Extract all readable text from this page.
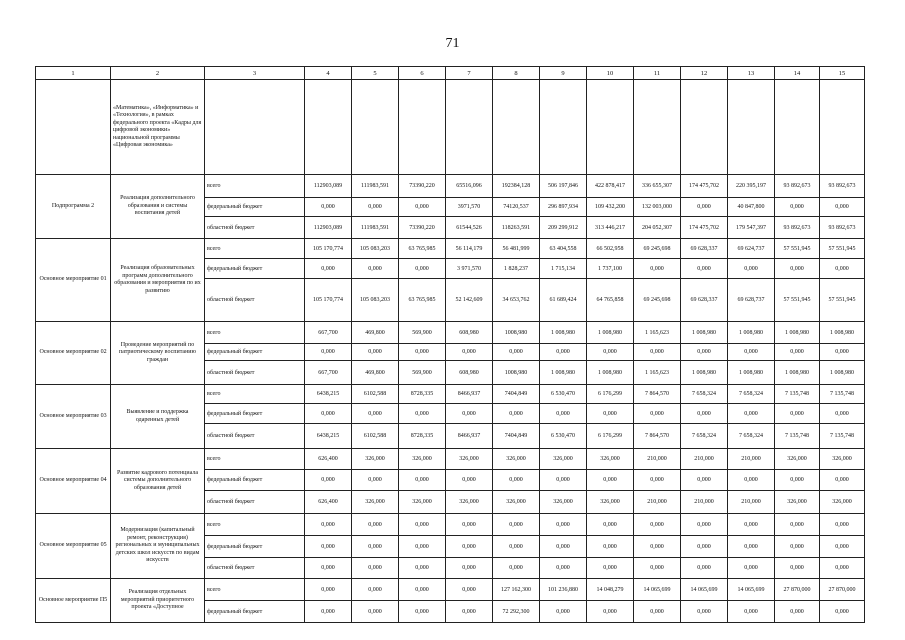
71
1	2	3	4	5	6	7	8	9	10	11	12	13	14	15
	«Математика», «Информатика» и «Технология», в рамках федерального проекта «Кадры для цифровой экономики» национальной программы «Цифровая экономика»													
Подпрограмма 2	Реализация дополнительного образования и системы воспитания детей	всего	112903,089	111983,591	73390,220	65516,096	192384,128	506 197,846	422 878,417	336 655,307	174 475,702	220 395,197	93 892,673	93 892,673
		федеральный бюджет	0,000	0,000	0,000	3971,570	74120,537	296 897,934	109 432,200	132 003,000	0,000	40 847,800	0,000	0,000
		областной бюджет	112903,089	111983,591	73390,220	61544,526	118263,591	209 299,912	313 446,217	204 052,307	174 475,702	179 547,397	93 892,673	93 892,673
Основное мероприятие 01	Реализация образовательных программ дополнительного образования и мероприятия по их развитию	всего	105 170,774	105 083,203	63 765,985	56 114,179	56 481,999	63 404,558	66 502,958	69 245,698	69 628,337	69 624,737	57 551,945	57 551,945
		федеральный бюджет	0,000	0,000	0,000	3 971,570	1 828,237	1 715,134	1 737,100	0,000	0,000	0,000	0,000	0,000
		областной бюджет	105 170,774	105 083,203	63 765,985	52 142,609	34 653,762	61 689,424	64 765,858	69 245,698	69 628,337	69 628,737	57 551,945	57 551,945
Основное мероприятие 02	Проведение мероприятий по патриотическому воспитанию граждан	всего	667,700	469,800	569,900	608,980	1008,980	1 008,980	1 008,980	1 165,623	1 008,980	1 008,980	1 008,980	1 008,980
		федеральный бюджет	0,000	0,000	0,000	0,000	0,000	0,000	0,000	0,000	0,000	0,000	0,000	0,000
		областной бюджет	667,700	469,800	569,900	608,980	1008,980	1 008,980	1 008,980	1 165,623	1 008,980	1 008,980	1 008,980	1 008,980
Основное мероприятие 03	Выявление и поддержка одаренных детей	всего	6438,215	6102,588	8728,335	8466,937	7404,849	6 530,470	6 176,299	7 864,570	7 658,324	7 658,324	7 135,748	7 135,748
		федеральный бюджет	0,000	0,000	0,000	0,000	0,000	0,000	0,000	0,000	0,000	0,000	0,000	0,000
		областной бюджет	6438,215	6102,588	8728,335	8466,937	7404,849	6 530,470	6 176,299	7 864,570	7 658,324	7 658,324	7 135,748	7 135,748
Основное мероприятие 04	Развитие кадрового потенциала системы дополнительного образования детей	всего	626,400	326,000	326,000	326,000	326,000	326,000	326,000	210,000	210,000	210,000	326,000	326,000
		федеральный бюджет	0,000	0,000	0,000	0,000	0,000	0,000	0,000	0,000	0,000	0,000	0,000	0,000
		областной бюджет	626,400	326,000	326,000	326,000	326,000	326,000	326,000	210,000	210,000	210,000	326,000	326,000
Основное мероприятие 05	Модернизация (капитальный ремонт, реконструкция) региональных и муниципальных детских школ искусств по видам искусств	всего	0,000	0,000	0,000	0,000	0,000	0,000	0,000	0,000	0,000	0,000	0,000	0,000
		федеральный бюджет	0,000	0,000	0,000	0,000	0,000	0,000	0,000	0,000	0,000	0,000	0,000	0,000
		областной бюджет	0,000	0,000	0,000	0,000	0,000	0,000	0,000	0,000	0,000	0,000	0,000	0,000
Основное мероприятие П5	Реализация отдельных мероприятий приоритетного проекта «Доступное	всего	0,000	0,000	0,000	0,000	127 162,300	101 236,880	14 048,279	14 065,699	14 065,699	14 065,699	27 870,000	27 870,000
		федеральный бюджет	0,000	0,000	0,000	0,000	72 292,300	0,000	0,000	0,000	0,000	0,000	0,000	0,000
